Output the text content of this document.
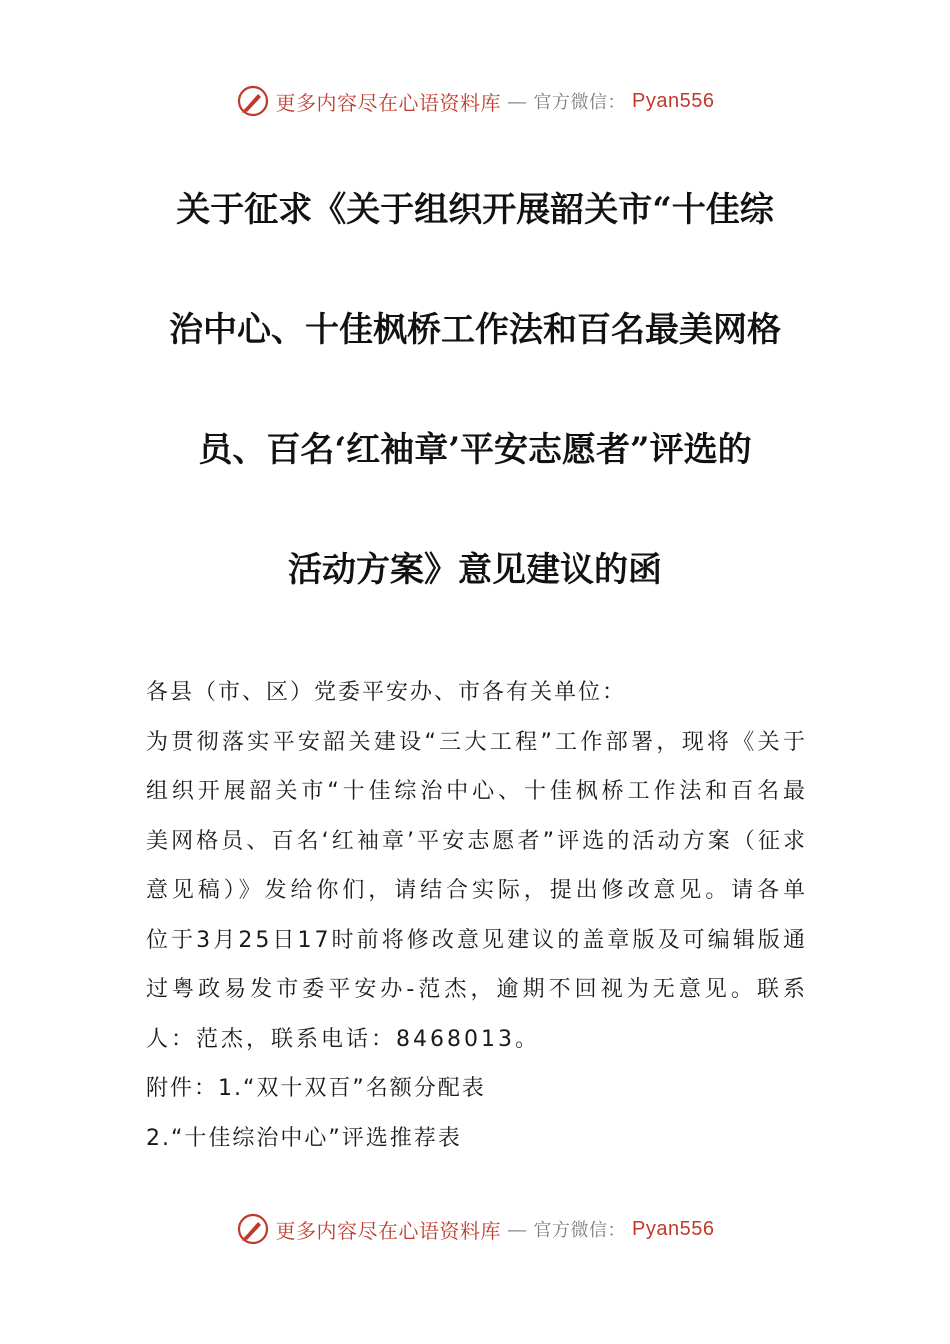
更多内容尽在心语资料库 — 官方微信： Pyan556
关于征求《关于组织开展韶关市“十佳综
治中心、十佳枫桥工作法和百名最美网格
员、百名‘红袖章’平安志愿者”评选的
活动方案》意见建议的函

各县（市、区）党委平安办、市各有关单位：

为贯彻落实平安韶关建设“三大工程”工作部署，现将《关于组织开展韶关市“十佳综治中心、十佳枫桥工作法和百名最美网格员、百名‘红袖章’平安志愿者”评选的活动方案（征求意见稿）》发给你们，请结合实际，提出修改意见。请各单位于3月25日17时前将修改意见建议的盖章版及可编辑版通过粤政易发市委平安办-范杰，逾期不回视为无意见。联系人：范杰，联系电话：8468013。

附件：1.“双十双百”名额分配表

2.“十佳综治中心”评选推荐表

更多内容尽在心语资料库 — 官方微信： Pyan556
